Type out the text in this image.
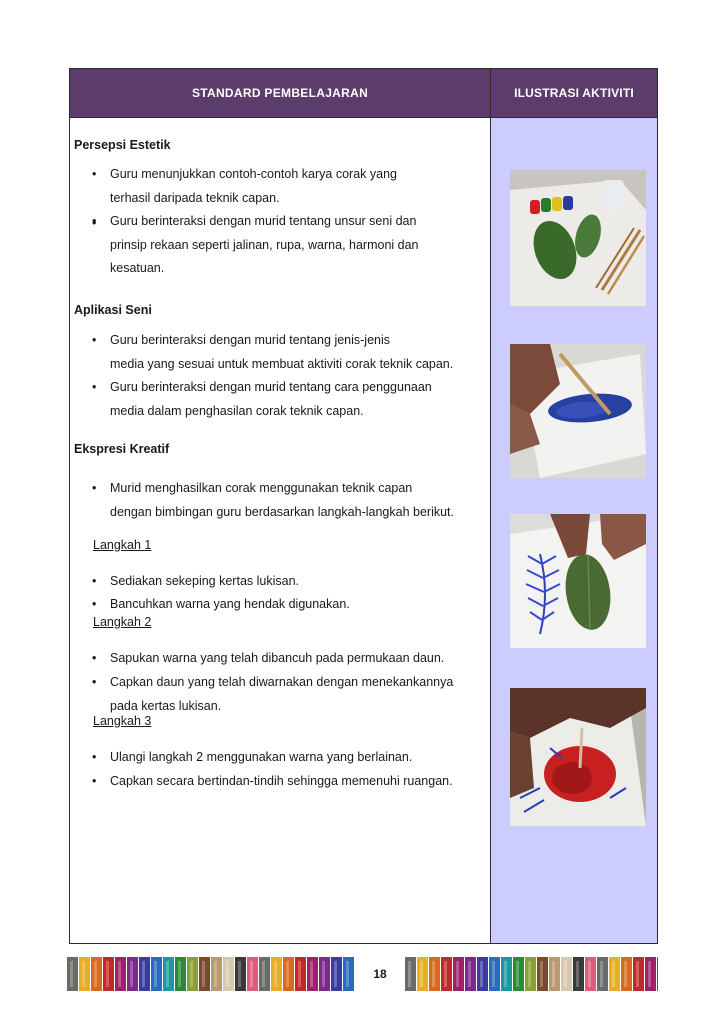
STANDARD PEMBELAJARAN	ILUSTRASI AKTIVITI
Persepsi Estetik
• Guru menunjukkan contoh-contoh karya corak yang
terhasil daripada teknik capan.
• Guru berinteraksi dengan murid tentang unsur seni dan
prinsip rekaan seperti jalinan, rupa, warna, harmoni dan
kesatuan.
Aplikasi Seni
• Guru berinteraksi dengan murid tentang jenis-jenis
media yang sesuai untuk membuat aktiviti corak teknik capan.
• Guru berinteraksi dengan murid tentang cara penggunaan
media dalam penghasilan corak teknik capan.
Ekspresi Kreatif
• Murid menghasilkan corak menggunakan teknik capan
dengan bimbingan guru berdasarkan langkah-langkah berikut.
Langkah 1
• Sediakan sekeping kertas lukisan.
• Bancuhkan warna yang hendak digunakan.
Langkah 2
• Sapukan warna yang telah dibancuh pada permukaan daun.
• Capkan daun yang telah diwarnakan dengan menekankannya
pada kertas lukisan.
Langkah 3
• Ulangi langkah 2 menggunakan warna yang berlainan.
• Capkan secara bertindan-tindih sehingga memenuhi ruangan.
18
